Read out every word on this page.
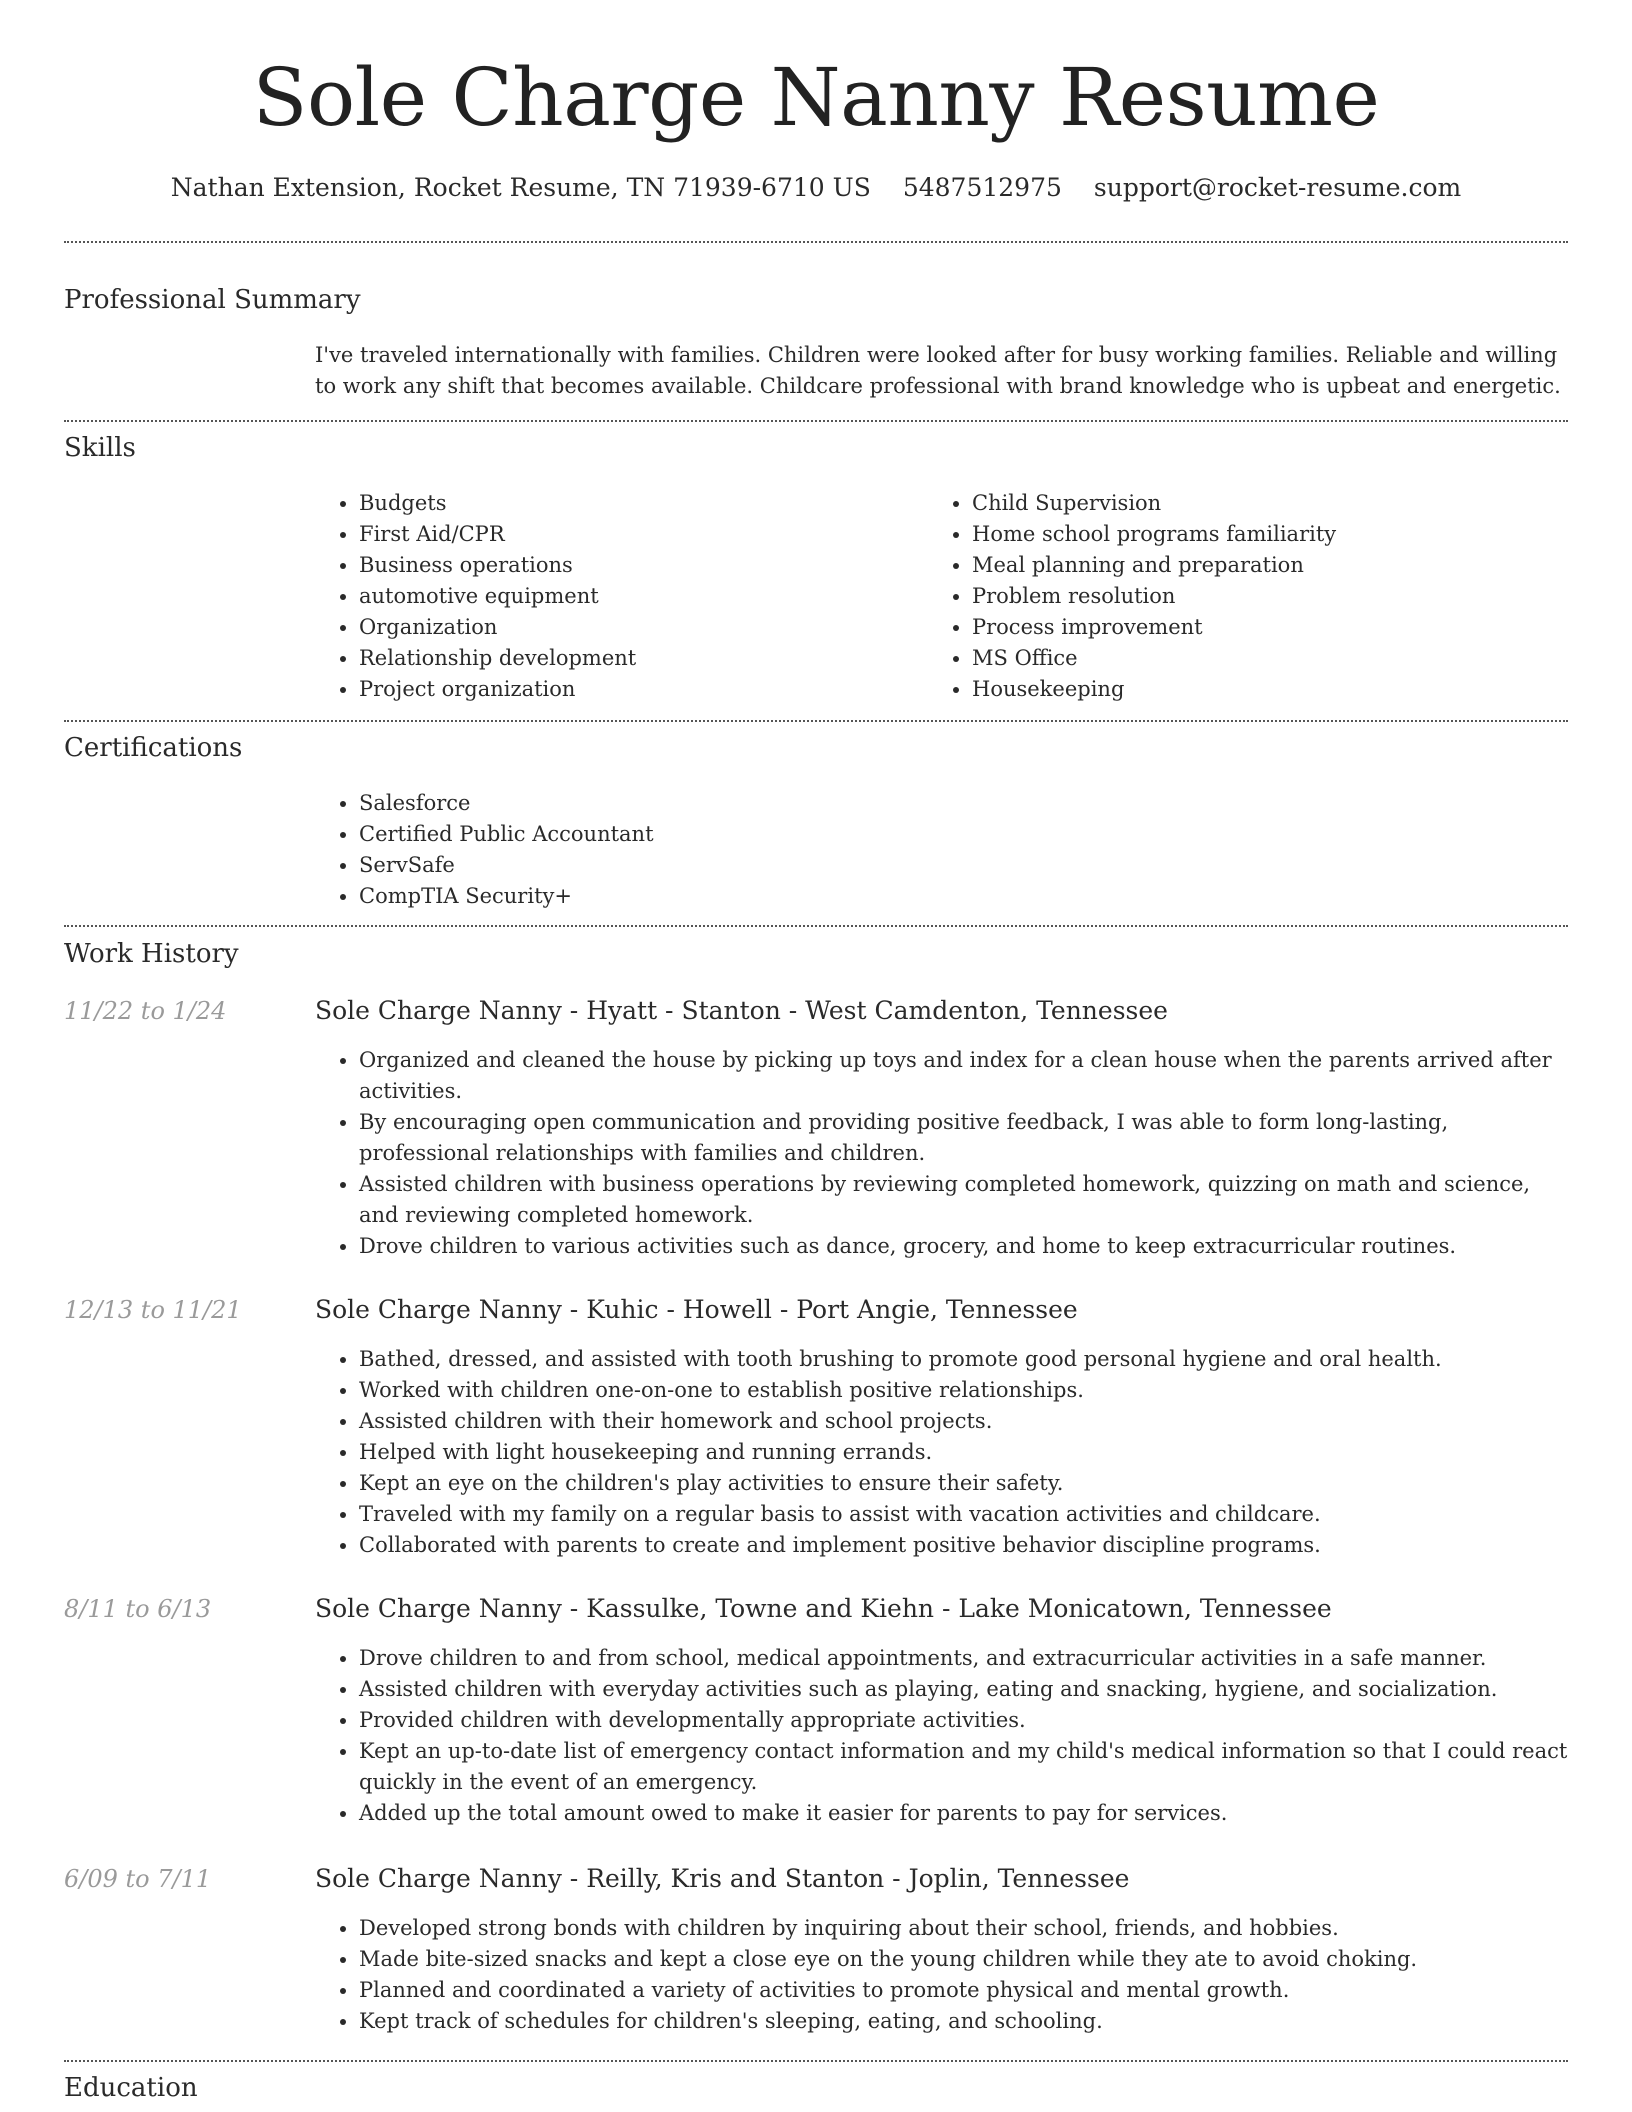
Sole Charge Nanny Resume
Nathan Extension, Rocket Resume, TN 71939-6710 US 5487512975 support@rocket-resume.com
Professional Summary
I've traveled internationally with families. Children were looked after for busy working families. Reliable and willing to work any shift that becomes available. Childcare professional with brand knowledge who is upbeat and energetic.
Skills
• Budgets
• First Aid/CPR
• Business operations
• automotive equipment
• Organization
• Relationship development
• Project organization
• Child Supervision
• Home school programs familiarity
• Meal planning and preparation
• Problem resolution
• Process improvement
• MS Office
• Housekeeping
Certifications
• Salesforce
• Certified Public Accountant
• ServSafe
• CompTIA Security+
Work History
11/22 to 1/24	Sole Charge Nanny - Hyatt - Stanton - West Camdenton, Tennessee
• Organized and cleaned the house by picking up toys and index for a clean house when the parents arrived after activities.
• By encouraging open communication and providing positive feedback, I was able to form long-lasting, professional relationships with families and children.
• Assisted children with business operations by reviewing completed homework, quizzing on math and science, and reviewing completed homework.
• Drove children to various activities such as dance, grocery, and home to keep extracurricular routines.
12/13 to 11/21	Sole Charge Nanny - Kuhic - Howell - Port Angie, Tennessee
• Bathed, dressed, and assisted with tooth brushing to promote good personal hygiene and oral health.
• Worked with children one-on-one to establish positive relationships.
• Assisted children with their homework and school projects.
• Helped with light housekeeping and running errands.
• Kept an eye on the children's play activities to ensure their safety.
• Traveled with my family on a regular basis to assist with vacation activities and childcare.
• Collaborated with parents to create and implement positive behavior discipline programs.
8/11 to 6/13	Sole Charge Nanny - Kassulke, Towne and Kiehn - Lake Monicatown, Tennessee
• Drove children to and from school, medical appointments, and extracurricular activities in a safe manner.
• Assisted children with everyday activities such as playing, eating and snacking, hygiene, and socialization.
• Provided children with developmentally appropriate activities.
• Kept an up-to-date list of emergency contact information and my child's medical information so that I could react quickly in the event of an emergency.
• Added up the total amount owed to make it easier for parents to pay for services.
6/09 to 7/11	Sole Charge Nanny - Reilly, Kris and Stanton - Joplin, Tennessee
• Developed strong bonds with children by inquiring about their school, friends, and hobbies.
• Made bite-sized snacks and kept a close eye on the young children while they ate to avoid choking.
• Planned and coordinated a variety of activities to promote physical and mental growth.
• Kept track of schedules for children's sleeping, eating, and schooling.
Education
